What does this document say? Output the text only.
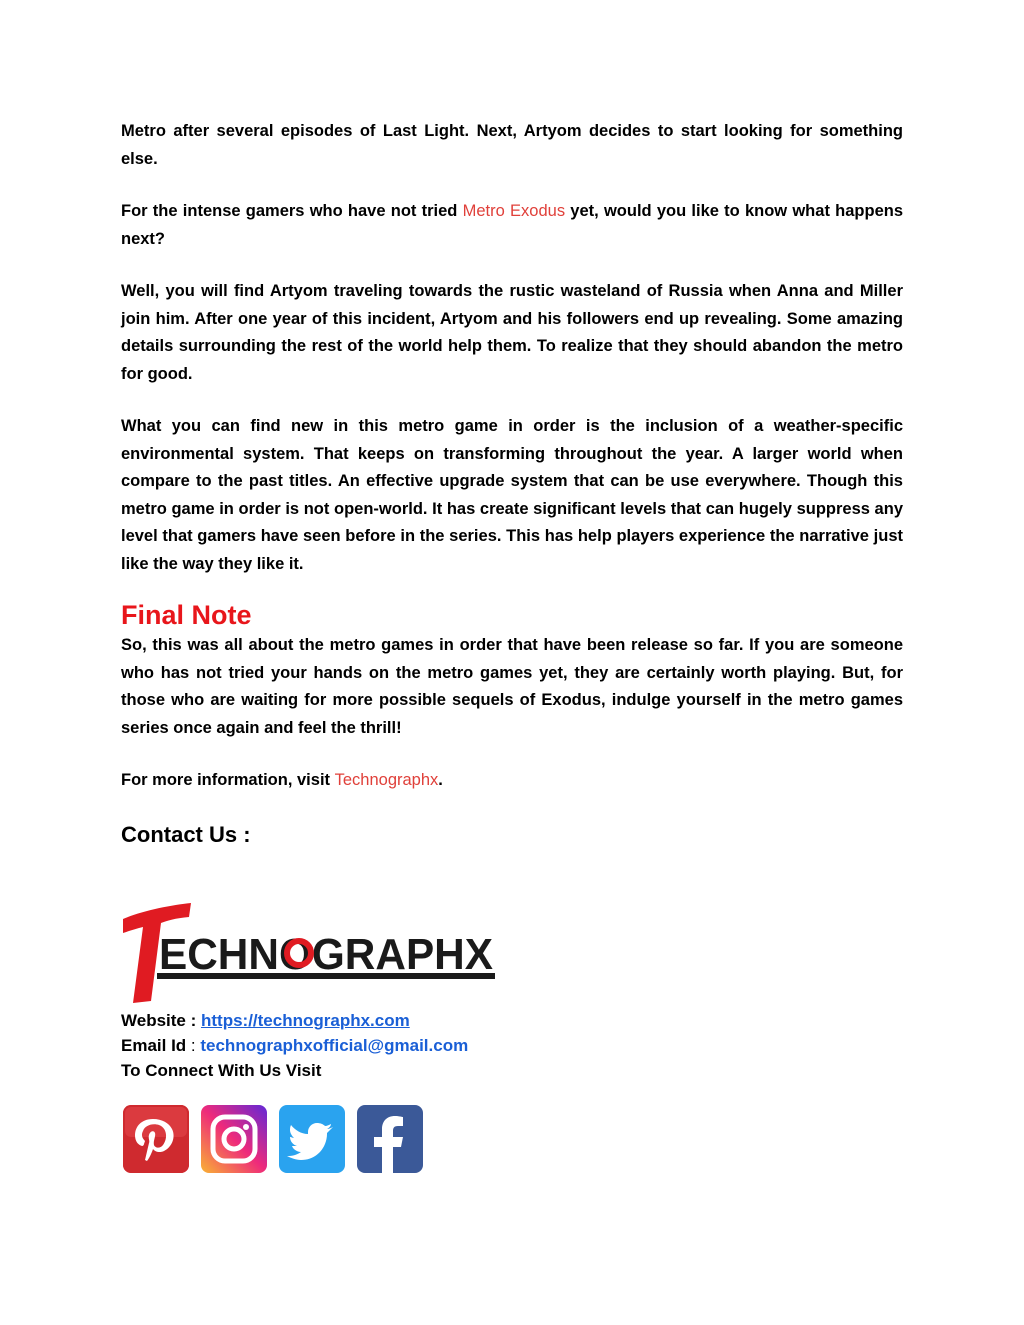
Metro after several episodes of Last Light. Next, Artyom decides to start looking for something else.

For the intense gamers who have not tried Metro Exodus yet, would you like to know what happens next?

Well, you will find Artyom traveling towards the rustic wasteland of Russia when Anna and Miller join him. After one year of this incident, Artyom and his followers end up revealing. Some amazing details surrounding the rest of the world help them. To realize that they should abandon the metro for good.

What you can find new in this metro game in order is the inclusion of a weather-specific environmental system. That keeps on transforming throughout the year. A larger world when compare to the past titles. An effective upgrade system that can be use everywhere. Though this metro game in order is not open-world. It has create significant levels that can hugely suppress any level that gamers have seen before in the series. This has help players experience the narrative just like the way they like it.

Final Note

So, this was all about the metro games in order that have been release so far. If you are someone who has not tried your hands on the metro games yet, they are certainly worth playing. But, for those who are waiting for more possible sequels of Exodus, indulge yourself in the metro games series once again and feel the thrill!

For more information, visit Technographx.

Contact Us :
ECHNOGRAPHX
Website : https://technographx.com
Email Id : technographxofficial@gmail.com
To Connect With Us Visit
